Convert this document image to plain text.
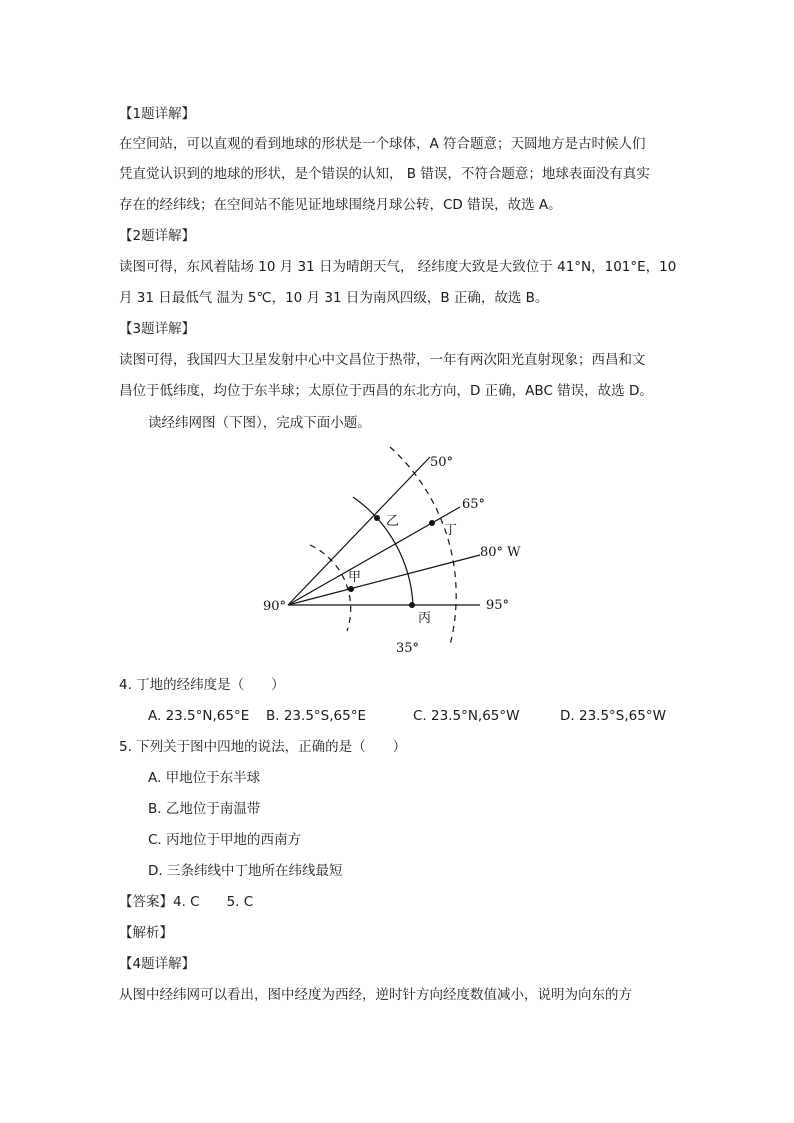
【1题详解】
在空间站，可以直观的看到地球的形状是一个球体，A 符合题意；天圆地方是古时候人们
凭直觉认识到的地球的形状，是个错误的认知， B 错误，不符合题意；地球表面没有真实
存在的经纬线；在空间站不能见证地球围绕月球公转，CD 错误，故选 A。
【2题详解】
读图可得，东风着陆场 10 月 31 日为晴朗天气， 经纬度大致是大致位于 41°N，101°E，10
月 31 日最低气 温为 5℃，10 月 31 日为南风四级，B 正确，故选 B。
【3题详解】
读图可得，我国四大卫星发射中心中文昌位于热带，一年有两次阳光直射现象；西昌和文
昌位于低纬度，均位于东半球；太原位于西昌的东北方向，D 正确，ABC 错误，故选 D。
读经纬网图（下图），完成下面小题。
50°
65°
80° W
95°
90°
35°
甲
乙
丙
丁
4. 丁地的经纬度是（　　）
A. 23.5°N,65°E B. 23.5°S,65°E	C. 23.5°N,65°W	D. 23.5°S,65°W
5. 下列关于图中四地的说法，正确的是（　　）
A. 甲地位于东半球
B. 乙地位于南温带
C. 丙地位于甲地的西南方
D. 三条纬线中丁地所在纬线最短
【答案】4. C　　5. C
【解析】
【4题详解】
从图中经纬网可以看出，图中经度为西经，逆时针方向经度数值减小，说明为向东的方
